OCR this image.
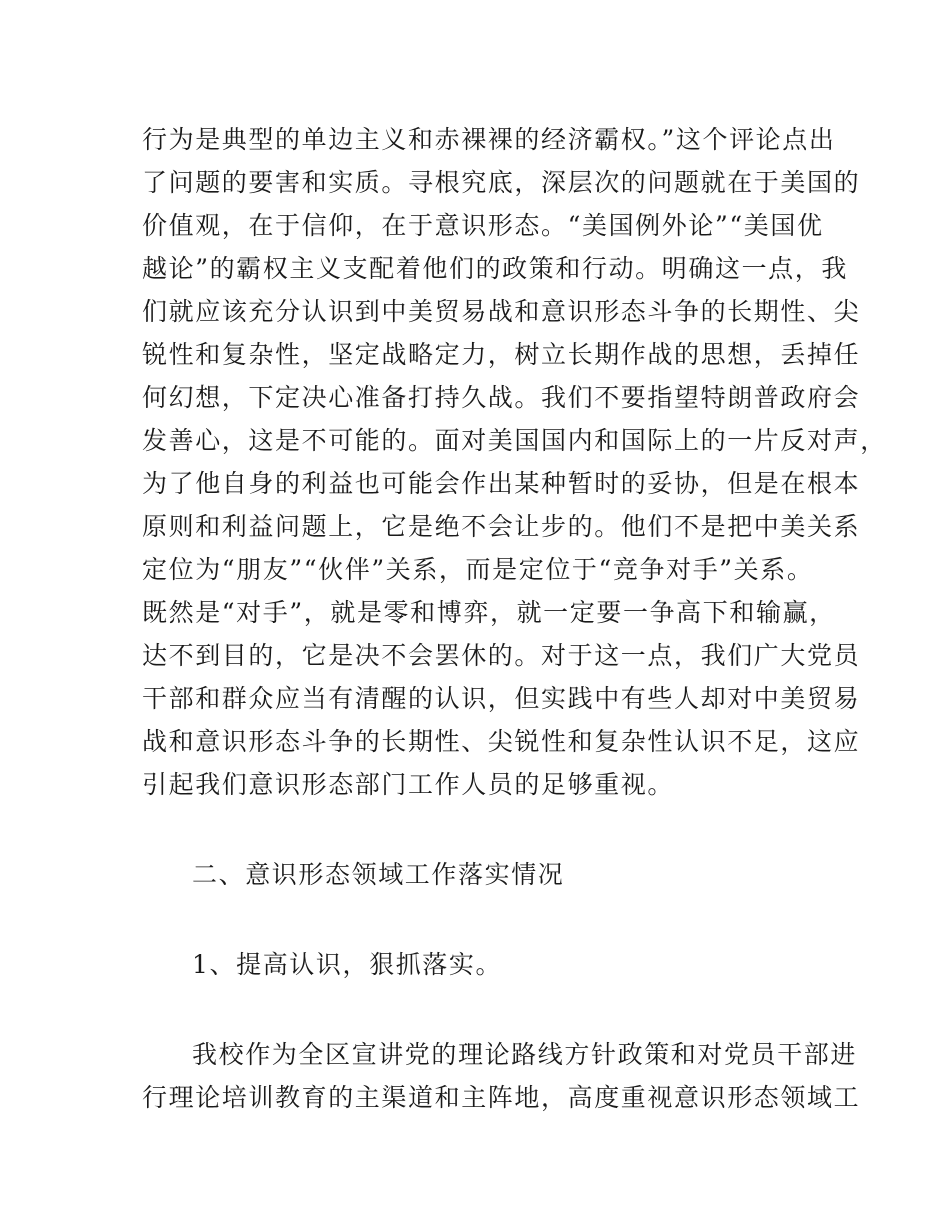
行为是典型的单边主义和赤裸裸的经济霸权。”这个评论点出
了问题的要害和实质。寻根究底，深层次的问题就在于美国的
价值观，在于信仰，在于意识形态。“美国例外论”“美国优
越论”的霸权主义支配着他们的政策和行动。明确这一点，我
们就应该充分认识到中美贸易战和意识形态斗争的长期性、尖
锐性和复杂性，坚定战略定力，树立长期作战的思想，丢掉任
何幻想，下定决心准备打持久战。我们不要指望特朗普政府会
发善心，这是不可能的。面对美国国内和国际上的一片反对声，
为了他自身的利益也可能会作出某种暂时的妥协，但是在根本
原则和利益问题上，它是绝不会让步的。他们不是把中美关系
定位为“朋友”“伙伴”关系，而是定位于“竞争对手”关系。
既然是“对手”，就是零和博弈，就一定要一争高下和输赢，
达不到目的，它是决不会罢休的。对于这一点，我们广大党员
干部和群众应当有清醒的认识，但实践中有些人却对中美贸易
战和意识形态斗争的长期性、尖锐性和复杂性认识不足，这应
引起我们意识形态部门工作人员的足够重视。
二、意识形态领域工作落实情况
1、提高认识，狠抓落实。
我校作为全区宣讲党的理论路线方针政策和对党员干部进
行理论培训教育的主渠道和主阵地，高度重视意识形态领域工
